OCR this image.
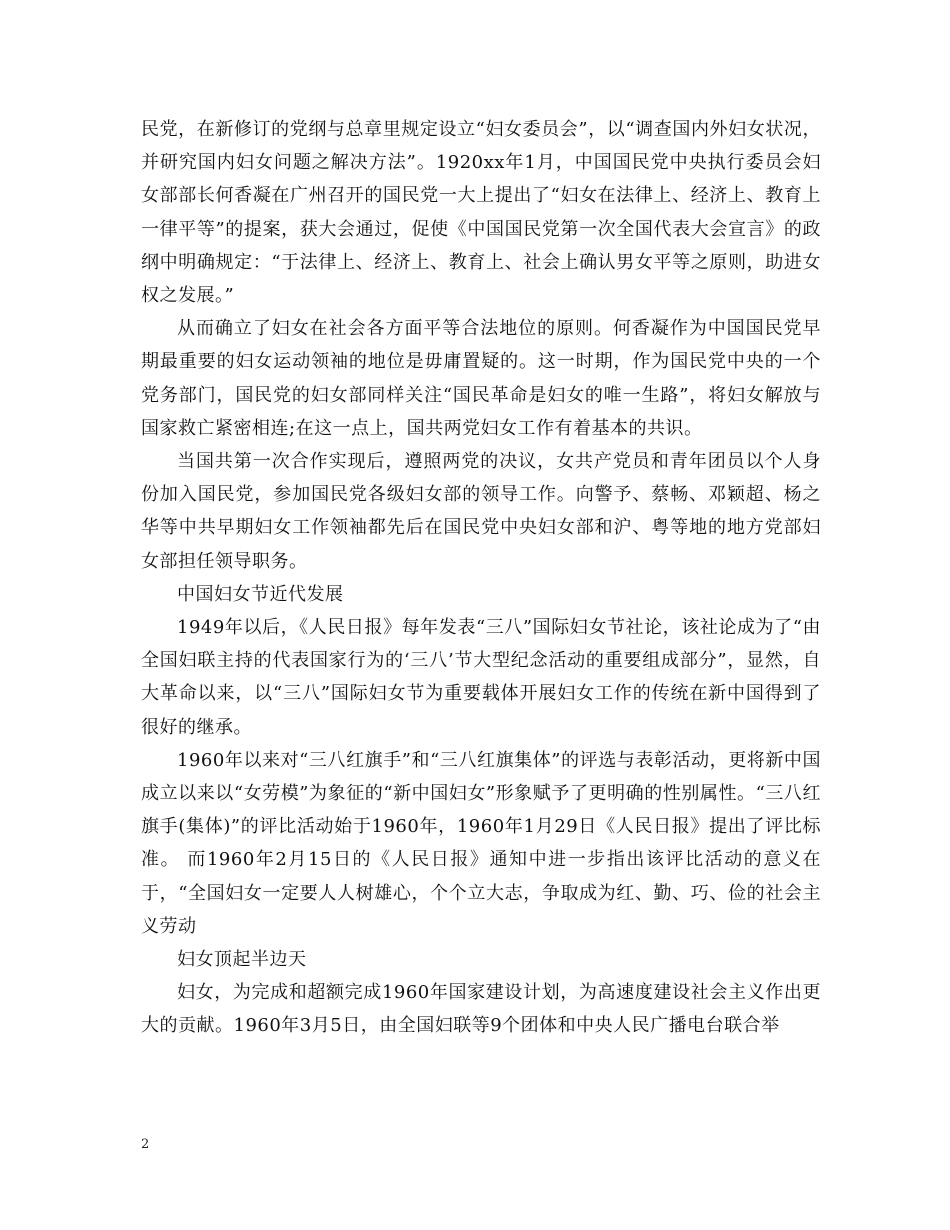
民党，在新修订的党纲与总章里规定设立“妇女委员会”，以“调查国内外妇女状况，并研究国内妇女问题之解决方法”。1920xx年1月，中国国民党中央执行委员会妇女部部长何香凝在广州召开的国民党一大上提出了“妇女在法律上、经济上、教育上一律平等”的提案，获大会通过，促使《中国国民党第一次全国代表大会宣言》的政纲中明确规定：“于法律上、经济上、教育上、社会上确认男女平等之原则，助进女权之发展。”

从而确立了妇女在社会各方面平等合法地位的原则。何香凝作为中国国民党早期最重要的妇女运动领袖的地位是毋庸置疑的。这一时期，作为国民党中央的一个党务部门，国民党的妇女部同样关注“国民革命是妇女的唯一生路”，将妇女解放与国家救亡紧密相连;在这一点上，国共两党妇女工作有着基本的共识。

当国共第一次合作实现后，遵照两党的决议，女共产党员和青年团员以个人身份加入国民党，参加国民党各级妇女部的领导工作。向警予、蔡畅、邓颖超、杨之华等中共早期妇女工作领袖都先后在国民党中央妇女部和沪、粤等地的地方党部妇女部担任领导职务。

中国妇女节近代发展

1949年以后，《人民日报》每年发表“三八”国际妇女节社论，该社论成为了“由全国妇联主持的代表国家行为的‘三八’节大型纪念活动的重要组成部分”，显然，自大革命以来，以“三八”国际妇女节为重要载体开展妇女工作的传统在新中国得到了很好的继承。

1960年以来对“三八红旗手”和“三八红旗集体”的评选与表彰活动，更将新中国成立以来以“女劳模”为象征的“新中国妇女”形象赋予了更明确的性别属性。“三八红旗手(集体)”的评比活动始于1960年，1960年1月29日《人民日报》提出了评比标准。 而1960年2月15日的《人民日报》通知中进一步指出该评比活动的意义在于，“全国妇女一定要人人树雄心，个个立大志，争取成为红、勤、巧、俭的社会主义劳动

妇女顶起半边天

妇女，为完成和超额完成1960年国家建设计划，为高速度建设社会主义作出更大的贡献。1960年3月5日，由全国妇联等9个团体和中央人民广播电台联合举

2
